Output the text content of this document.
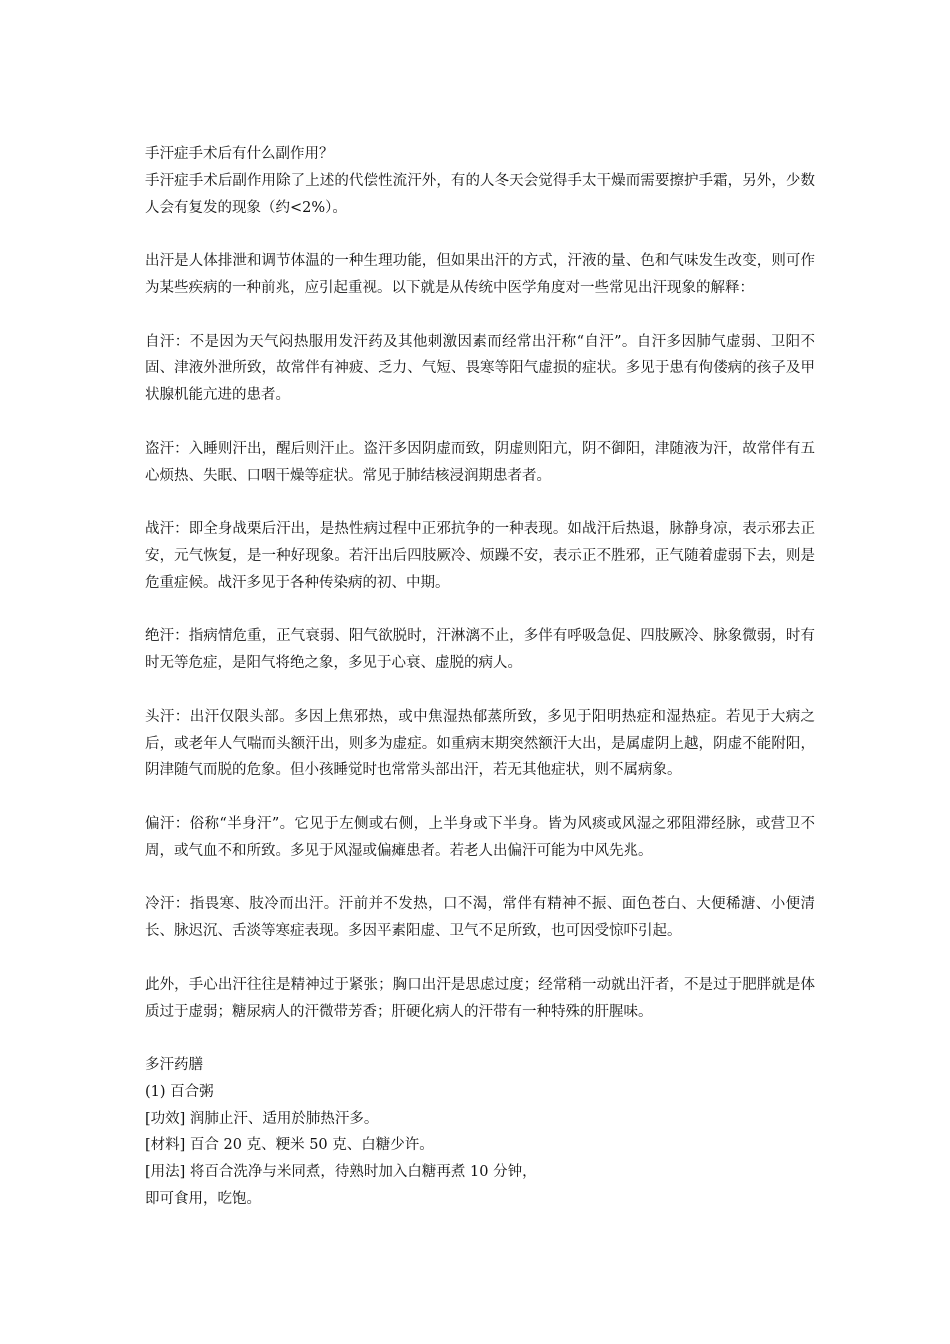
手汗症手术后有什么副作用？

手汗症手术后副作用除了上述的代偿性流汗外，有的人冬天会觉得手太干燥而需要擦护手霜，另外，少数人会有复发的现象（约<2%）。

出汗是人体排泄和调节体温的一种生理功能，但如果出汗的方式，汗液的量、色和气味发生改变，则可作为某些疾病的一种前兆，应引起重视。以下就是从传统中医学角度对一些常见出汗现象的解释：

自汗：不是因为天气闷热服用发汗药及其他刺激因素而经常出汗称“自汗”。自汗多因肺气虚弱、卫阳不固、津液外泄所致，故常伴有神疲、乏力、气短、畏寒等阳气虚损的症状。多见于患有佝偻病的孩子及甲状腺机能亢进的患者。

盗汗：入睡则汗出，醒后则汗止。盗汗多因阴虚而致，阴虚则阳亢，阴不御阳，津随液为汗，故常伴有五心烦热、失眠、口咽干燥等症状。常见于肺结核浸润期患者者。

战汗：即全身战栗后汗出，是热性病过程中正邪抗争的一种表现。如战汗后热退，脉静身凉，表示邪去正安，元气恢复，是一种好现象。若汗出后四肢厥冷、烦躁不安，表示正不胜邪，正气随着虚弱下去，则是危重症候。战汗多见于各种传染病的初、中期。

绝汗：指病情危重，正气衰弱、阳气欲脱时，汗淋漓不止，多伴有呼吸急促、四肢厥冷、脉象微弱，时有时无等危症，是阳气将绝之象，多见于心衰、虚脱的病人。

头汗：出汗仅限头部。多因上焦邪热，或中焦湿热郁蒸所致，多见于阳明热症和湿热症。若见于大病之后，或老年人气喘而头额汗出，则多为虚症。如重病末期突然额汗大出，是属虚阴上越，阴虚不能附阳，阴津随气而脱的危象。但小孩睡觉时也常常头部出汗，若无其他症状，则不属病象。

偏汗：俗称“半身汗”。它见于左侧或右侧，上半身或下半身。皆为风痰或风湿之邪阻滞经脉，或营卫不周，或气血不和所致。多见于风湿或偏瘫患者。若老人出偏汗可能为中风先兆。

冷汗：指畏寒、肢冷而出汗。汗前并不发热，口不渴，常伴有精神不振、面色苍白、大便稀溏、小便清长、脉迟沉、舌淡等寒症表现。多因平素阳虚、卫气不足所致，也可因受惊吓引起。

此外，手心出汗往往是精神过于紧张；胸口出汗是思虑过度；经常稍一动就出汗者，不是过于肥胖就是体质过于虚弱；糖尿病人的汗微带芳香；肝硬化病人的汗带有一种特殊的肝腥味。

多汗药膳

(1) 百合粥

[功效] 润肺止汗、适用於肺热汗多。

[材料] 百合 20 克、粳米 50 克、白糖少许。

[用法] 将百合洗净与米同煮，待熟时加入白糖再煮 10 分钟，

即可食用，吃饱。
